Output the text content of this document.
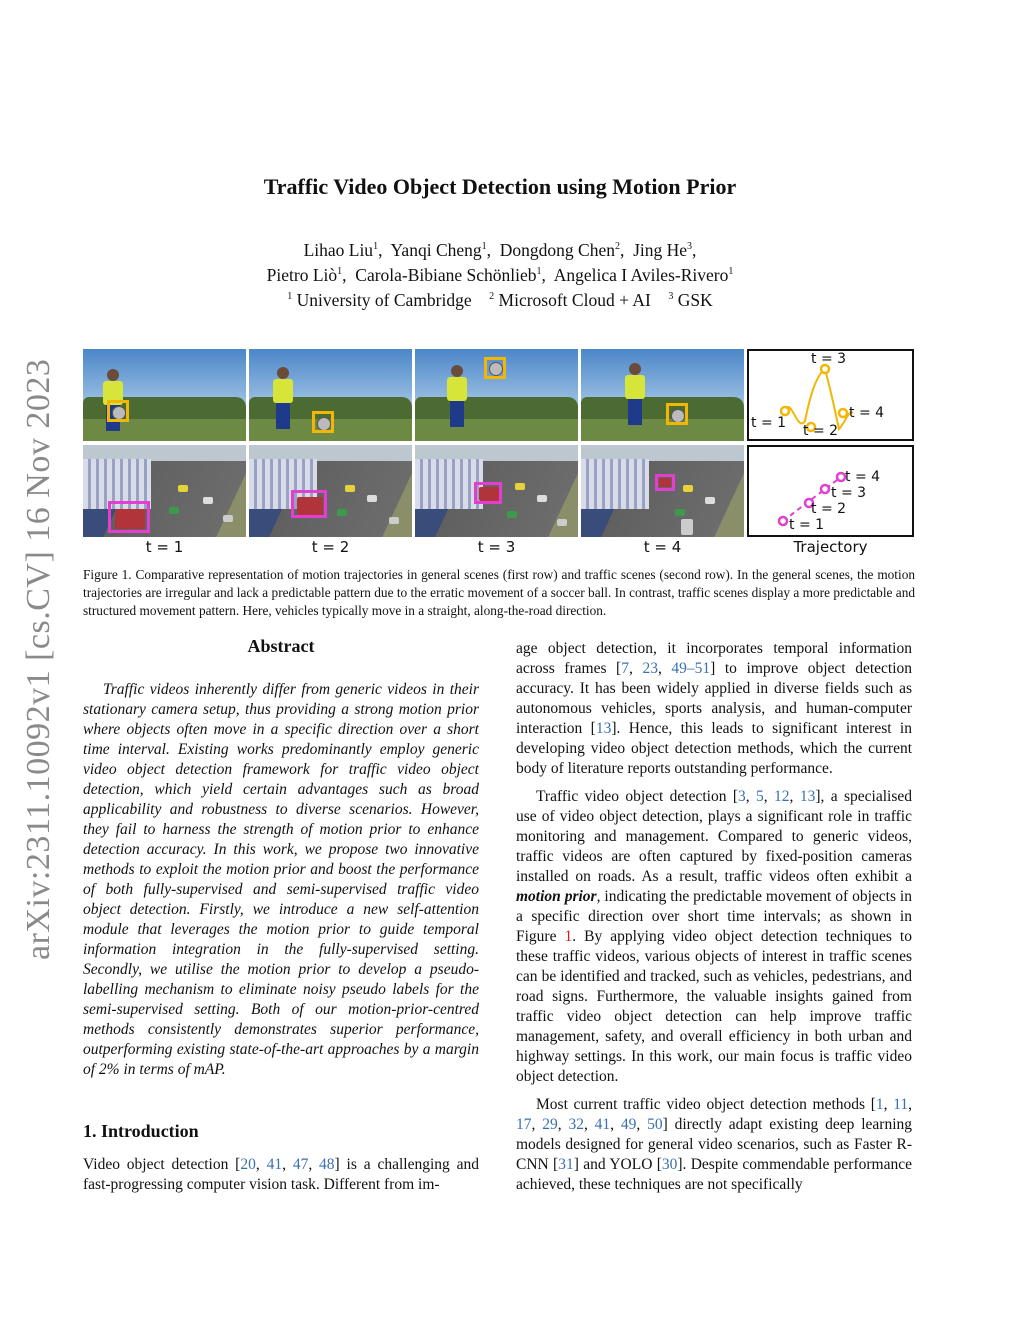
arXiv:2311.10092v1 [cs.CV] 16 Nov 2023
Traffic Video Object Detection using Motion Prior
Lihao Liu$^1$,  Yanqi Cheng$^1$,  Dongdong Chen$^2$,  Jing He$^3$,
Pietro Liò$^1$,  Carola-Bibiane Schönlieb$^1$,  Angelica I Aviles-Rivero$^1$
$^1$ University of Cambridge $^2$ Microsoft Cloud + AI $^3$ GSK
t = 3
t = 1 t = 2
t = 4
t = 4
t = 3
t = 2
t = 1
t = 1	t = 2	t = 3	t = 4	Trajectory
Figure 1. Comparative representation of motion trajectories in general scenes (first row) and traffic scenes (second row). In the general scenes, the motion trajectories are irregular and lack a predictable pattern due to the erratic movement of a soccer ball. In contrast, traffic scenes display a more predictable and structured movement pattern. Here, vehicles typically move in a straight, along-the-road direction.
Abstract
Traffic videos inherently differ from generic videos in their stationary camera setup, thus providing a strong motion prior where objects often move in a specific direction over a short time interval. Existing works predominantly employ generic video object detection framework for traffic video object detection, which yield certain advantages such as broad applicability and robustness to diverse scenarios. However, they fail to harness the strength of motion prior to enhance detection accuracy. In this work, we propose two innovative methods to exploit the motion prior and boost the performance of both fully-supervised and semi-supervised traffic video object detection. Firstly, we introduce a new self-attention module that leverages the motion prior to guide temporal information integration in the fully-supervised setting. Secondly, we utilise the motion prior to develop a pseudo-labelling mechanism to eliminate noisy pseudo labels for the semi-supervised setting. Both of our motion-prior-centred methods consistently demonstrates superior performance, outperforming existing state-of-the-art approaches by a margin of 2% in terms of mAP.
1. Introduction
Video object detection [20, 41, 47, 48] is a challenging and fast-progressing computer vision task. Different from im-
age object detection, it incorporates temporal information across frames [7, 23, 49–51] to improve object detection accuracy. It has been widely applied in diverse fields such as autonomous vehicles, sports analysis, and human-computer interaction [13]. Hence, this leads to significant interest in developing video object detection methods, which the current body of literature reports outstanding performance.
Traffic video object detection [3, 5, 12, 13], a specialised use of video object detection, plays a significant role in traffic monitoring and management. Compared to generic videos, traffic videos are often captured by fixed-position cameras installed on roads. As a result, traffic videos often exhibit a motion prior, indicating the predictable movement of objects in a specific direction over short time intervals; as shown in Figure 1. By applying video object detection techniques to these traffic videos, various objects of interest in traffic scenes can be identified and tracked, such as vehicles, pedestrians, and road signs. Furthermore, the valuable insights gained from traffic video object detection can help improve traffic management, safety, and overall efficiency in both urban and highway settings. In this work, our main focus is traffic video object detection.
Most current traffic video object detection methods [1, 11, 17, 29, 32, 41, 49, 50] directly adapt existing deep learning models designed for general video scenarios, such as Faster R-CNN [31] and YOLO [30]. Despite commendable performance achieved, these techniques are not specifically
